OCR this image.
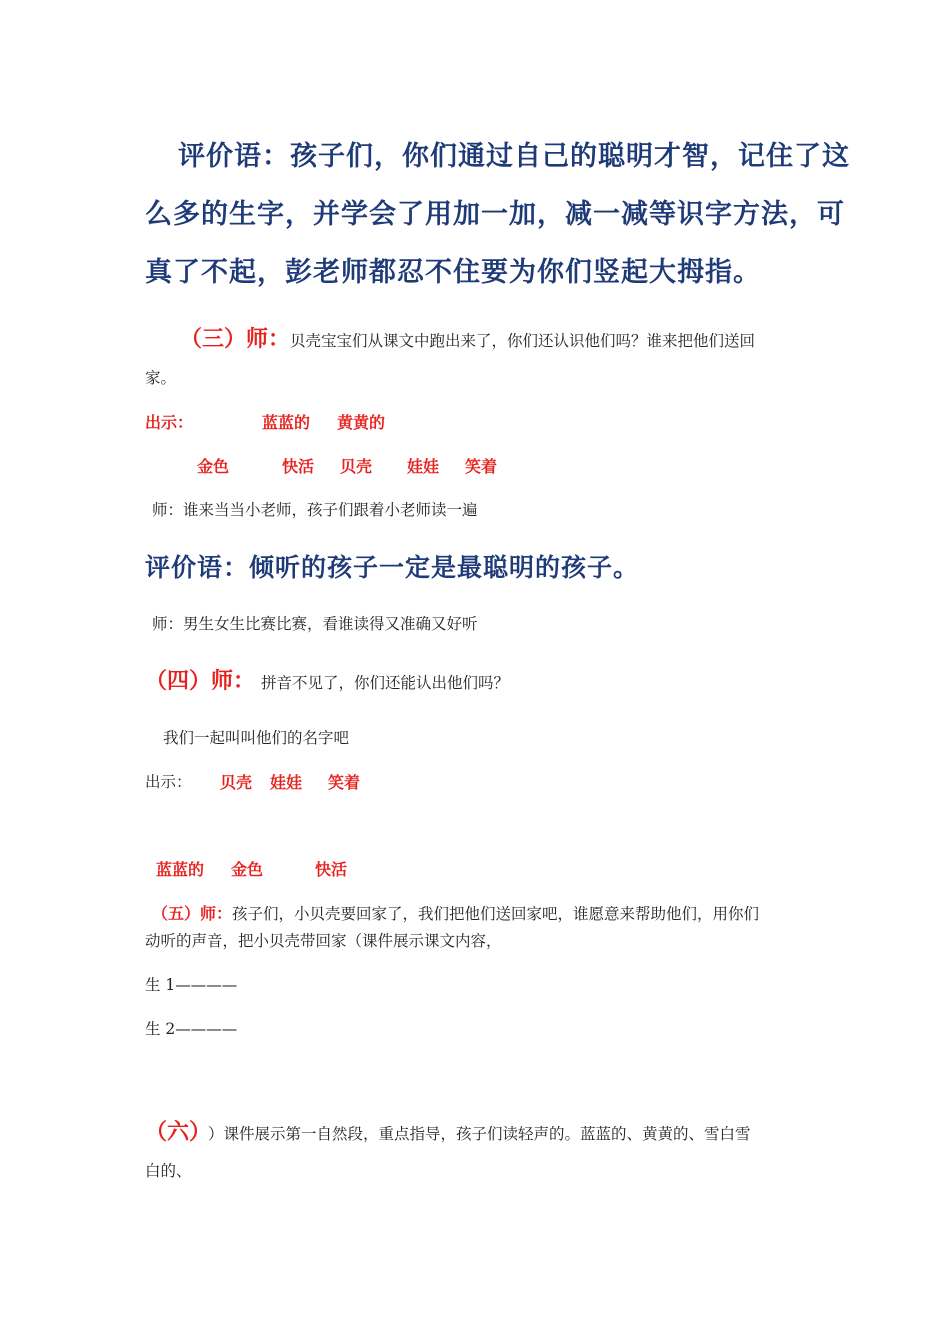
评价语：孩子们，你们通过自己的聪明才智，记住了这
么多的生字，并学会了用加一加，减一减等识字方法，可
真了不起，彭老师都忍不住要为你们竖起大拇指。
（三）师：贝壳宝宝们从课文中跑出来了，你们还认识他们吗？谁来把他们送回
家。
出示：	蓝蓝的 黄黄的
金色	快活 贝壳 娃娃 笑着
师：谁来当当小老师，孩子们跟着小老师读一遍
评价语：倾听的孩子一定是最聪明的孩子。
师：男生女生比赛比赛，看谁读得又准确又好听
（四）师： 拼音不见了，你们还能认出他们吗？
我们一起叫叫他们的名字吧
出示： 贝壳 娃娃 笑着
蓝蓝的 金色	快活
（五）师：孩子们，小贝壳要回家了，我们把他们送回家吧，谁愿意来帮助他们，用你们
动听的声音，把小贝壳带回家（课件展示课文内容，
生 1————
生 2————
（六） ）课件展示第一自然段，重点指导，孩子们读轻声的。蓝蓝的、黄黄的、雪白雪
白的、
